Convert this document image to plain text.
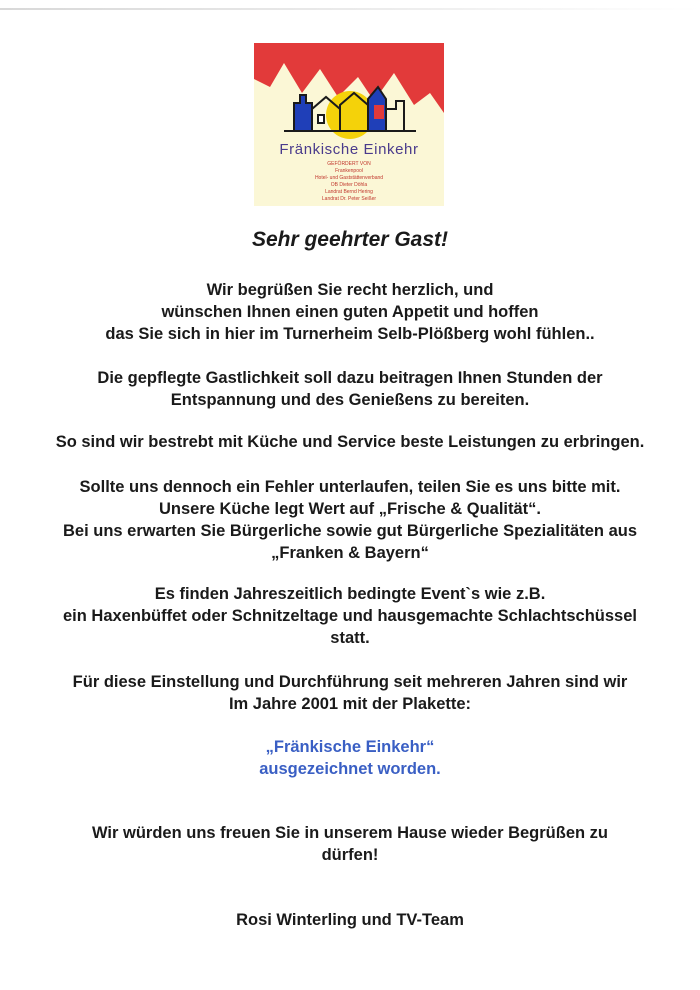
Fränkische Einkehr
GEFÖRDERT VON
Frankenpool
Hotel- und Gaststättenverband
OB Dieter Döhla
Landrat Bernd Hering
Landrat Dr. Peter Seißer
Sehr geehrter Gast!
Wir begrüßen Sie recht herzlich, und
wünschen Ihnen einen guten Appetit und hoffen
das Sie sich in hier im Turnerheim Selb-Plößberg wohl fühlen..
Die gepflegte Gastlichkeit soll dazu beitragen Ihnen Stunden der
Entspannung und des Genießens zu bereiten.
So sind wir bestrebt mit Küche und Service beste Leistungen zu erbringen.
Sollte uns dennoch ein Fehler unterlaufen, teilen Sie es uns bitte mit.
Unsere Küche legt Wert auf „Frische & Qualität“.
Bei uns erwarten Sie Bürgerliche sowie gut Bürgerliche Spezialitäten aus
„Franken & Bayern“
Es finden Jahreszeitlich bedingte Event`s wie z.B.
ein Haxenbüffet oder Schnitzeltage und hausgemachte Schlachtschüssel
statt.
Für diese Einstellung und Durchführung seit mehreren Jahren sind wir
Im Jahre 2001 mit der Plakette:
„Fränkische Einkehr“
ausgezeichnet worden.
Wir würden uns freuen Sie in unserem Hause wieder Begrüßen zu
dürfen!
Rosi Winterling und TV-Team
